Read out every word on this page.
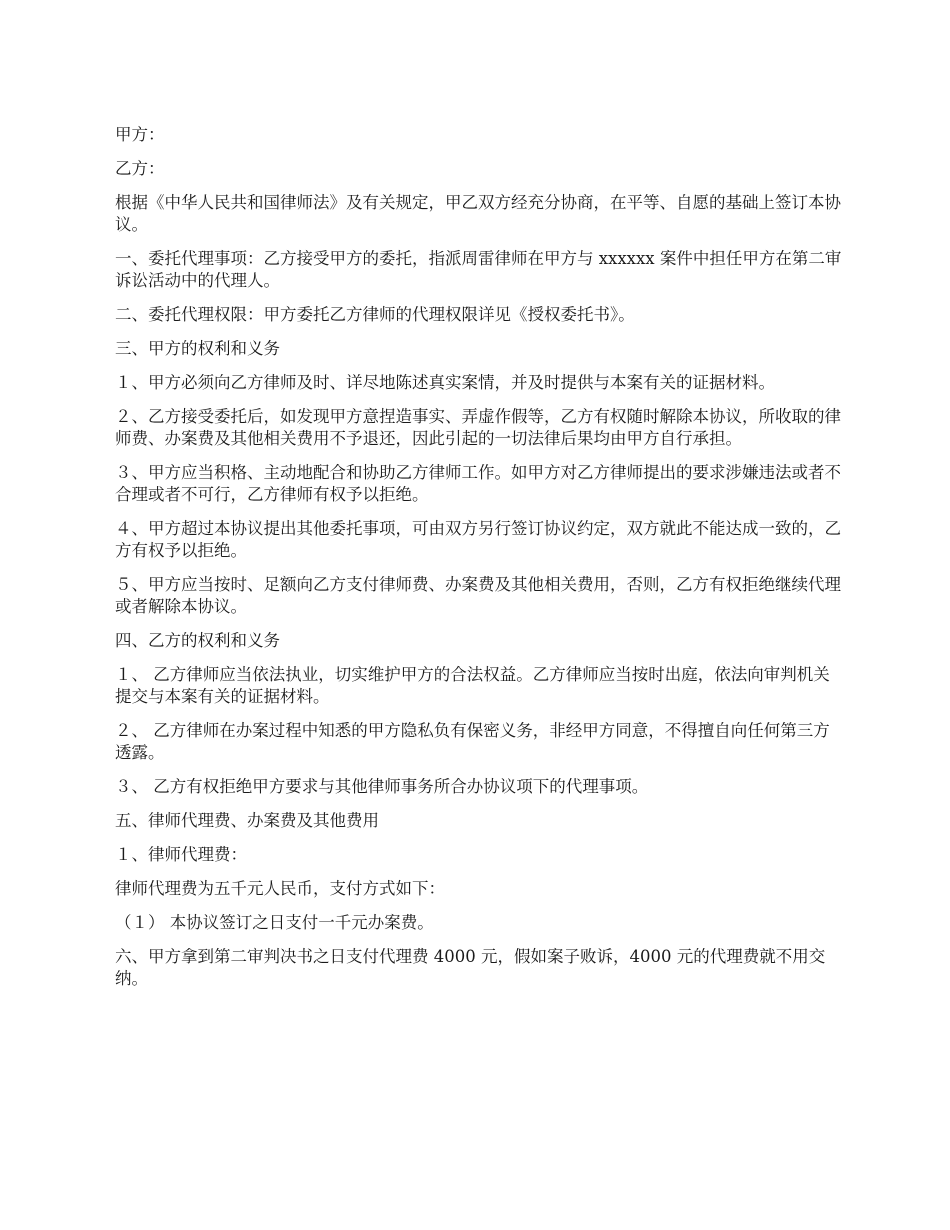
甲方：

乙方：

根据《中华人民共和国律师法》及有关规定，甲乙双方经充分协商，在平等、自愿的基础上签订本协议。

一、委托代理事项：乙方接受甲方的委托，指派周雷律师在甲方与 xxxxxx 案件中担任甲方在第二审诉讼活动中的代理人。

二、委托代理权限：甲方委托乙方律师的代理权限详见《授权委托书》。

三、甲方的权利和义务

１、甲方必须向乙方律师及时、详尽地陈述真实案情，并及时提供与本案有关的证据材料。

２、乙方接受委托后，如发现甲方意捏造事实、弄虚作假等，乙方有权随时解除本协议，所收取的律师费、办案费及其他相关费用不予退还，因此引起的一切法律后果均由甲方自行承担。

３、甲方应当积格、主动地配合和协助乙方律师工作。如甲方对乙方律师提出的要求涉嫌违法或者不合理或者不可行，乙方律师有权予以拒绝。

４、甲方超过本协议提出其他委托事项，可由双方另行签订协议约定，双方就此不能达成一致的，乙方有权予以拒绝。

５、甲方应当按时、足额向乙方支付律师费、办案费及其他相关费用，否则，乙方有权拒绝继续代理或者解除本协议。

四、乙方的权利和义务

１、 乙方律师应当依法执业，切实维护甲方的合法权益。乙方律师应当按时出庭，依法向审判机关提交与本案有关的证据材料。

２、 乙方律师在办案过程中知悉的甲方隐私负有保密义务，非经甲方同意，不得擅自向任何第三方透露。

３、 乙方有权拒绝甲方要求与其他律师事务所合办协议项下的代理事项。

五、律师代理费、办案费及其他费用

１、律师代理费：

律师代理费为五千元人民币，支付方式如下：

（１） 本协议签订之日支付一千元办案费。

六、甲方拿到第二审判决书之日支付代理费 4000 元，假如案子败诉，4000 元的代理费就不用交纳。
